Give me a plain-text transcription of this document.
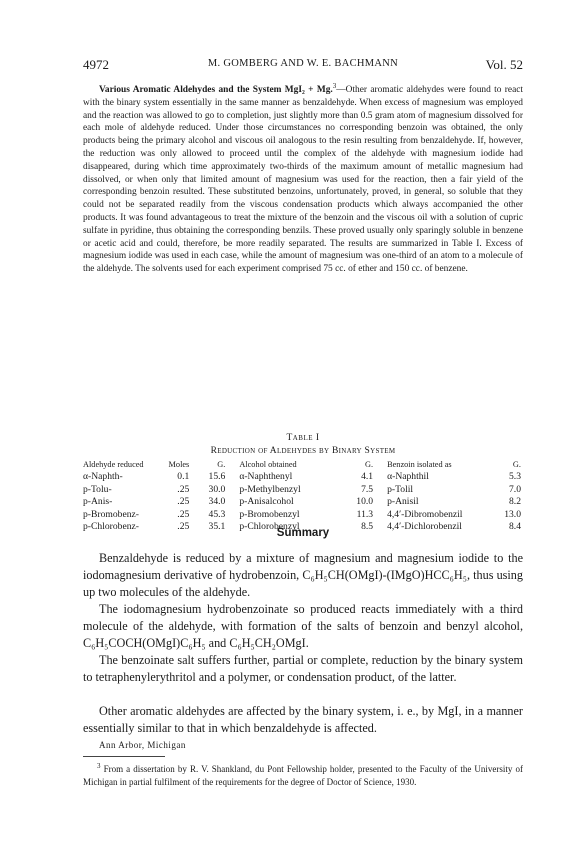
4972	M. GOMBERG AND W. E. BACHMANN	Vol. 52
Various Aromatic Aldehydes and the System MgI₂ + Mg.$^3$—Other aromatic aldehydes were found to react with the binary system essentially in the same manner as benzaldehyde. When excess of magnesium was employed and the reaction was allowed to go to completion, just slightly more than 0.5 gram atom of magnesium dissolved for each mole of aldehyde reduced. Under those circumstances no corresponding benzoin was obtained, the only products being the primary alcohol and viscous oil analogous to the resin resulting from benzaldehyde. If, however, the reduction was only allowed to proceed until the complex of the aldehyde with magnesium iodide had disappeared, during which time approximately two-thirds of the maximum amount of metallic magnesium had dissolved, or when only that limited amount of magnesium was used for the reaction, then a fair yield of the corresponding benzoin resulted. These substituted benzoins, unfortunately, proved, in general, so soluble that they could not be separated readily from the viscous condensation products which always accompanied the other products. It was found advantageous to treat the mixture of the benzoin and the viscous oil with a solution of cupric sulfate in pyridine, thus obtaining the corresponding benzils. These proved usually only sparingly soluble in benzene or acetic acid and could, therefore, be more readily separated. The results are summarized in Table I. Excess of magnesium iodide was used in each case, while the amount of magnesium was one-third of an atom to a molecule of the aldehyde. The solvents used for each experiment comprised 75 cc. of ether and 150 cc. of benzene.
Table I
Reduction of Aldehydes by Binary System
Aldehyde reduced	Moles	G.	Alcohol obtained	G.	Benzoin isolated as	G.
α-Naphth-	0.1	15.6	α-Naphthenyl	4.1	α-Naphthil	5.3
p-Tolu-	.25	30.0	p-Methylbenzyl	7.5	p-Tolil	7.0
p-Anis-	.25	34.0	p-Anisalcohol	10.0	p-Anisil	8.2
p-Bromobenz-	.25	45.3	p-Bromobenzyl	11.3	4,4′-Dibromobenzil	13.0
p-Chlorobenz-	.25	35.1	p-Chlorobenzyl	8.5	4,4′-Dichlorobenzil	8.4
Summary
Benzaldehyde is reduced by a mixture of magnesium and magnesium iodide to the iodomagnesium derivative of hydrobenzoin, C₆H₅CH(OMgI)-(IMgO)HCC₆H₅, thus using up two molecules of the aldehyde.
The iodomagnesium hydrobenzoinate so produced reacts immediately with a third molecule of the aldehyde, with formation of the salts of benzoin and benzyl alcohol, C₆H₅COCH(OMgI)C₆H₅ and C₆H₅CH₂OMgI.
The benzoinate salt suffers further, partial or complete, reduction by the binary system to tetraphenylerythritol and a polymer, or condensation product, of the latter.
Other aromatic aldehydes are affected by the binary system, i. e., by MgI, in a manner essentially similar to that in which benzaldehyde is affected.
Ann Arbor, Michigan
$^3$ From a dissertation by R. V. Shankland, du Pont Fellowship holder, presented to the Faculty of the University of Michigan in partial fulfilment of the requirements for the degree of Doctor of Science, 1930.
